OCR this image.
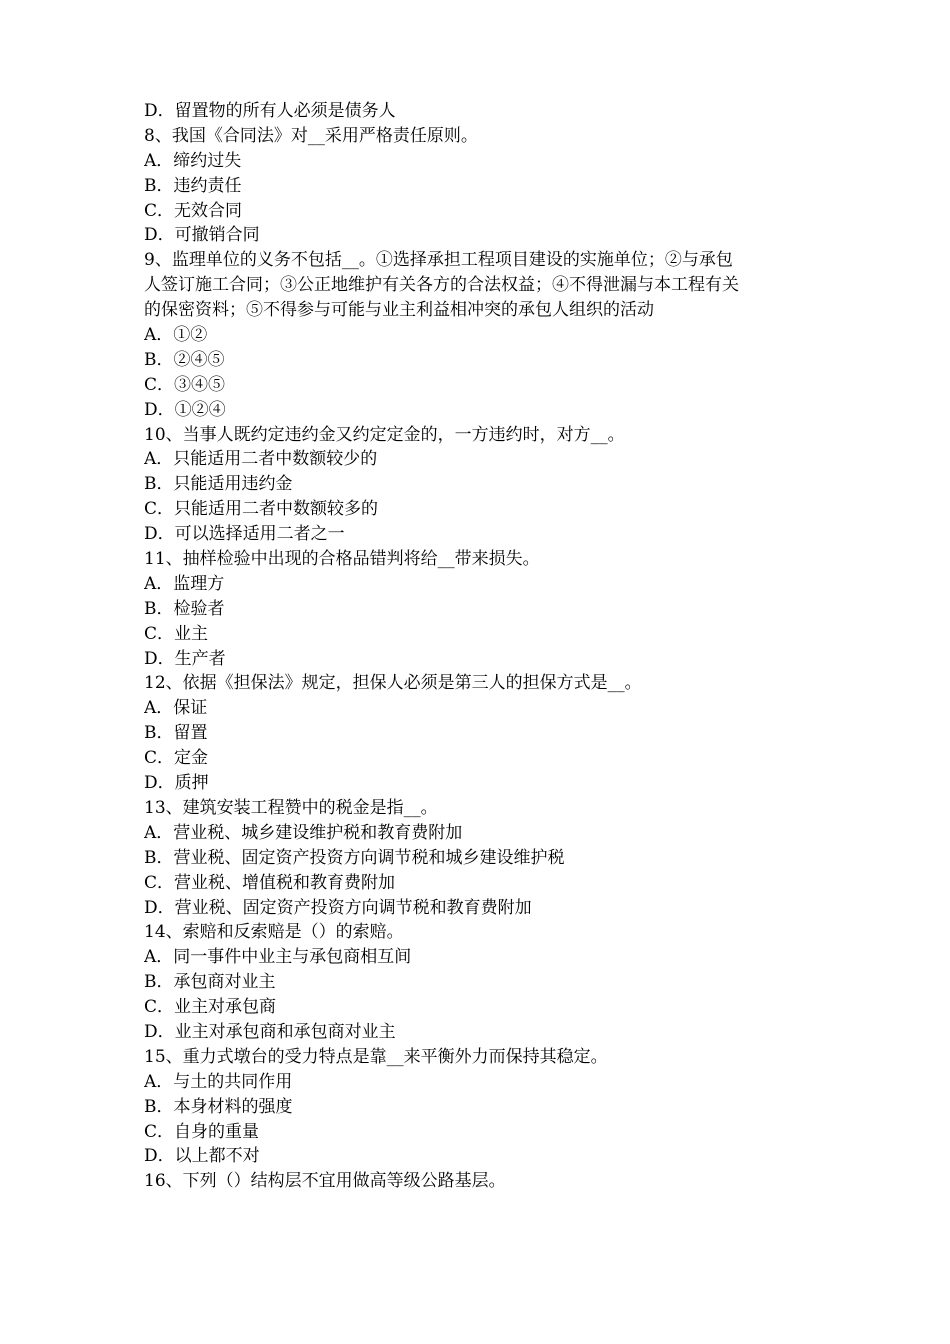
D．留置物的所有人必须是债务人
8、我国《合同法》对__采用严格责任原则。
A．缔约过失
B．违约责任
C．无效合同
D．可撤销合同
9、监理单位的义务不包括__。①选择承担工程项目建设的实施单位；②与承包
人签订施工合同；③公正地维护有关各方的合法权益；④不得泄漏与本工程有关
的保密资料；⑤不得参与可能与业主利益相冲突的承包人组织的活动
A．①②
B．②④⑤
C．③④⑤
D．①②④
10、当事人既约定违约金又约定定金的，一方违约时，对方__。
A．只能适用二者中数额较少的
B．只能适用违约金
C．只能适用二者中数额较多的
D．可以选择适用二者之一
11、抽样检验中出现的合格品错判将给__带来损失。
A．监理方
B．检验者
C．业主
D．生产者
12、依据《担保法》规定，担保人必须是第三人的担保方式是__。
A．保证
B．留置
C．定金
D．质押
13、建筑安装工程赞中的税金是指__。
A．营业税、城乡建设维护税和教育费附加
B．营业税、固定资产投资方向调节税和城乡建设维护税
C．营业税、增值税和教育费附加
D．营业税、固定资产投资方向调节税和教育费附加
14、索赔和反索赔是（）的索赔。
A．同一事件中业主与承包商相互间
B．承包商对业主
C．业主对承包商
D．业主对承包商和承包商对业主
15、重力式墩台的受力特点是靠__来平衡外力而保持其稳定。
A．与土的共同作用
B．本身材料的强度
C．自身的重量
D．以上都不对
16、下列（）结构层不宜用做高等级公路基层。
